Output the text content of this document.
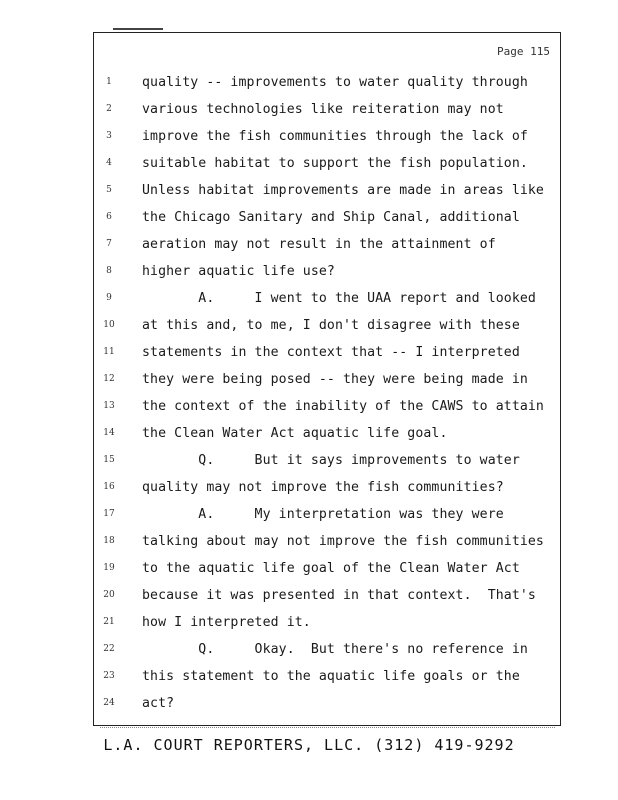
Page 115
1	quality -- improvements to water quality through
2	various technologies like reiteration may not
3	improve the fish communities through the lack of
4	suitable habitat to support the fish population.
5	Unless habitat improvements are made in areas like
6	the Chicago Sanitary and Ship Canal, additional
7	aeration may not result in the attainment of
8	higher aquatic life use?
9	A.     I went to the UAA report and looked
10 at this and, to me, I don't disagree with these
11 statements in the context that -- I interpreted
12 they were being posed -- they were being made in
13 the context of the inability of the CAWS to attain
14 the Clean Water Act aquatic life goal.
15 Q.     But it says improvements to water
16 quality may not improve the fish communities?
17 A.     My interpretation was they were
18 talking about may not improve the fish communities
19 to the aquatic life goal of the Clean Water Act
20 because it was presented in that context.  That's
21 how I interpreted it.
22 Q.     Okay.  But there's no reference in
23 this statement to the aquatic life goals or the
24 act?
L.A. COURT REPORTERS, LLC. (312) 419-9292
